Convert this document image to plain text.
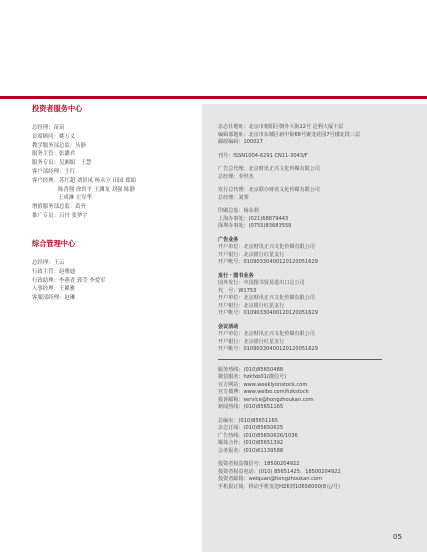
投资者服务中心
总经理：苗苗
首席顾问：姚万义
教学服务部总监：丛静
服务主管：张潞君
服务专员：吴湘娟　王慧
客户部经理：王红
客户经理：苏红超 刘景凤 杨永立 田园 郑娟
陈香翔 徐贵平 王渊龙 刘强 陈静
王成淋 左军华
增值服务部总监：葛齐
推广专员：吕丹 张华宇
综合管理中心
总经理：王云
行政主管：赵雅迪
行政助理：李燕青 郭莹 李爱军
人事经理：王累雅
客服部经理：赵琳
杂志社地址：北京市朝阳区朝外大街22号 泛利大厦十层
编辑部地址：北京市东城区新中街68号聚龙花园7号楼北段三层
邮政编码：100027
刊号：ISSN1004-6291 CN11-3043/F
广告总代理：北京财讯正兴文化传媒有限公司
总经理：李世杰
发行总代理：北京联办财讯文化传媒有限公司
总经理：刘霁
印刷总监：杨东利
上海办事处：(021)68879443
深圳办事处：(0755)83683559
广告业务
开户单位：北京财讯正兴文化传媒有限公司
开户银行：北京银行红星支行
开户帐号：01090330400120120051629
发行・图书业务
国外发行：中国图书贸易进出口总公司
代　号：W1753
开户单位：北京财讯正兴文化传媒有限公司
开户银行：北京银行红星支行
开户帐号：01090330400120120051629
会议活动
开户单位：北京财讯正兴文化传媒有限公司
开户银行：北京银行红星支行
开户帐号：01090330400120120051629
服务热线：(010)85650488
微信服务：hzkfxb01(微信号)
官方网站：www.weeklyonstock.com
官方微博：www.weibo.com/hzkstock
投诉邮箱：service@hongzhoukan.com
新闻热线：(010)85651165
总编室：(010)85651165
杂志订阅：(010)85650625
广告热线：(010)85650626/1036
媒体合作：(010)85651392
会务报名：(010)61139588
投资者权益微信号：18500204922
投资者权益电话：(010) 85651425、18500204922
投资者邮箱：weiquan@hongzhoukan.com
手机报订阅：移动手机发送HZK到10658000(8元/月)
05
